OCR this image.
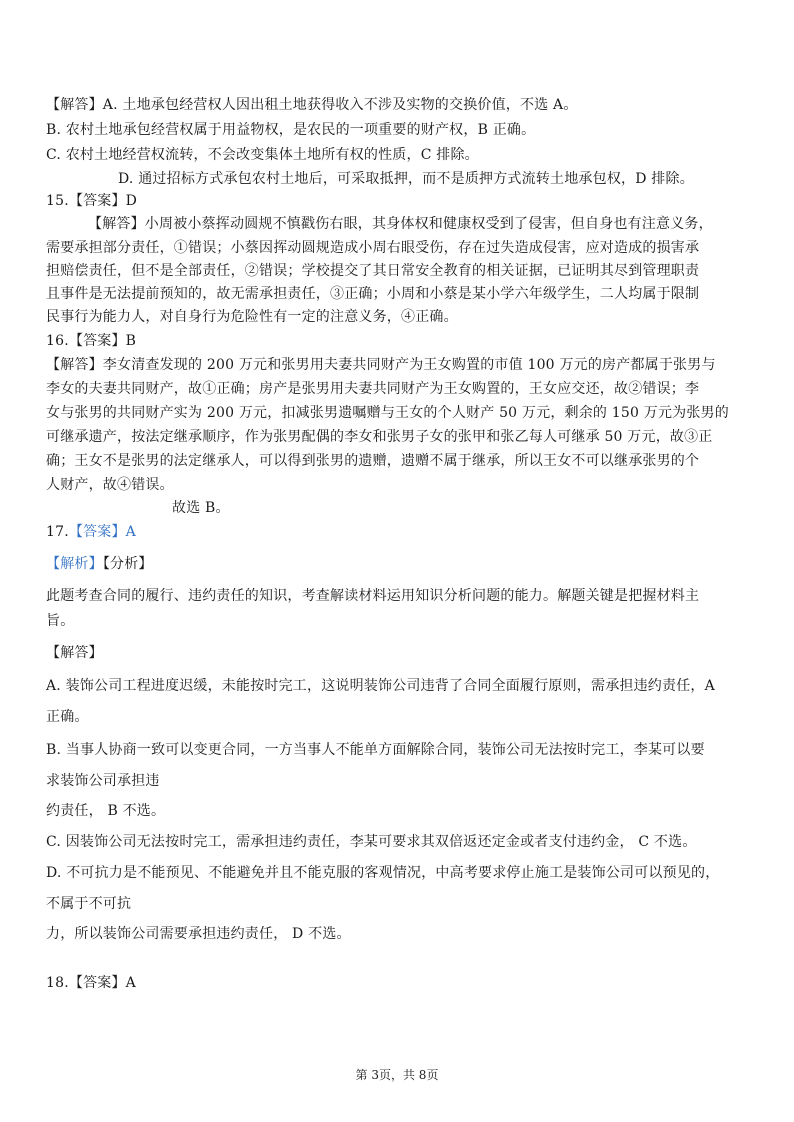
【解答】A. 土地承包经营权人因出租土地获得收入不涉及实物的交换价值，不选 A。
B. 农村土地承包经营权属于用益物权，是农民的一项重要的财产权，B 正确。
C. 农村土地经营权流转，不会改变集体土地所有权的性质，C 排除。
D. 通过招标方式承包农村土地后，可采取抵押，而不是质押方式流转土地承包权，D 排除。
15.【答案】D
【解答】小周被小蔡挥动圆规不慎戳伤右眼，其身体权和健康权受到了侵害，但自身也有注意义务，
需要承担部分责任，①错误；小蔡因挥动圆规造成小周右眼受伤，存在过失造成侵害，应对造成的损害承
担赔偿责任，但不是全部责任，②错误；学校提交了其日常安全教育的相关证据，已证明其尽到管理职责
且事件是无法提前预知的，故无需承担责任，③正确；小周和小蔡是某小学六年级学生，二人均属于限制
民事行为能力人，对自身行为危险性有一定的注意义务，④正确。
16.【答案】B
【解答】李女清查发现的 200 万元和张男用夫妻共同财产为王女购置的市值 100 万元的房产都属于张男与
李女的夫妻共同财产，故①正确；房产是张男用夫妻共同财产为王女购置的，王女应交还，故②错误；李
女与张男的共同财产实为 200 万元，扣减张男遗嘱赠与王女的个人财产 50 万元，剩余的 150 万元为张男的
可继承遗产，按法定继承顺序，作为张男配偶的李女和张男子女的张甲和张乙每人可继承 50 万元，故③正
确；王女不是张男的法定继承人，可以得到张男的遗赠，遗赠不属于继承，所以王女不可以继承张男的个
人财产，故④错误。
故选 B。
17.【答案】A
【解析】【分析】
此题考查合同的履行、违约责任的知识，考查解读材料运用知识分析问题的能力。解题关键是把握材料主
旨。
【解答】
A. 装饰公司工程进度迟缓，未能按时完工，这说明装饰公司违背了合同全面履行原则，需承担违约责任，A
正确。
B. 当事人协商一致可以变更合同，一方当事人不能单方面解除合同，装饰公司无法按时完工，李某可以要
求装饰公司承担违
约责任， B 不选。
C. 因装饰公司无法按时完工，需承担违约责任，李某可要求其双倍返还定金或者支付违约金， C 不选。
D. 不可抗力是不能预见、不能避免并且不能克服的客观情况，中高考要求停止施工是装饰公司可以预见的，
不属于不可抗
力，所以装饰公司需要承担违约责任， D 不选。
18.【答案】A
第 3页，共 8页
